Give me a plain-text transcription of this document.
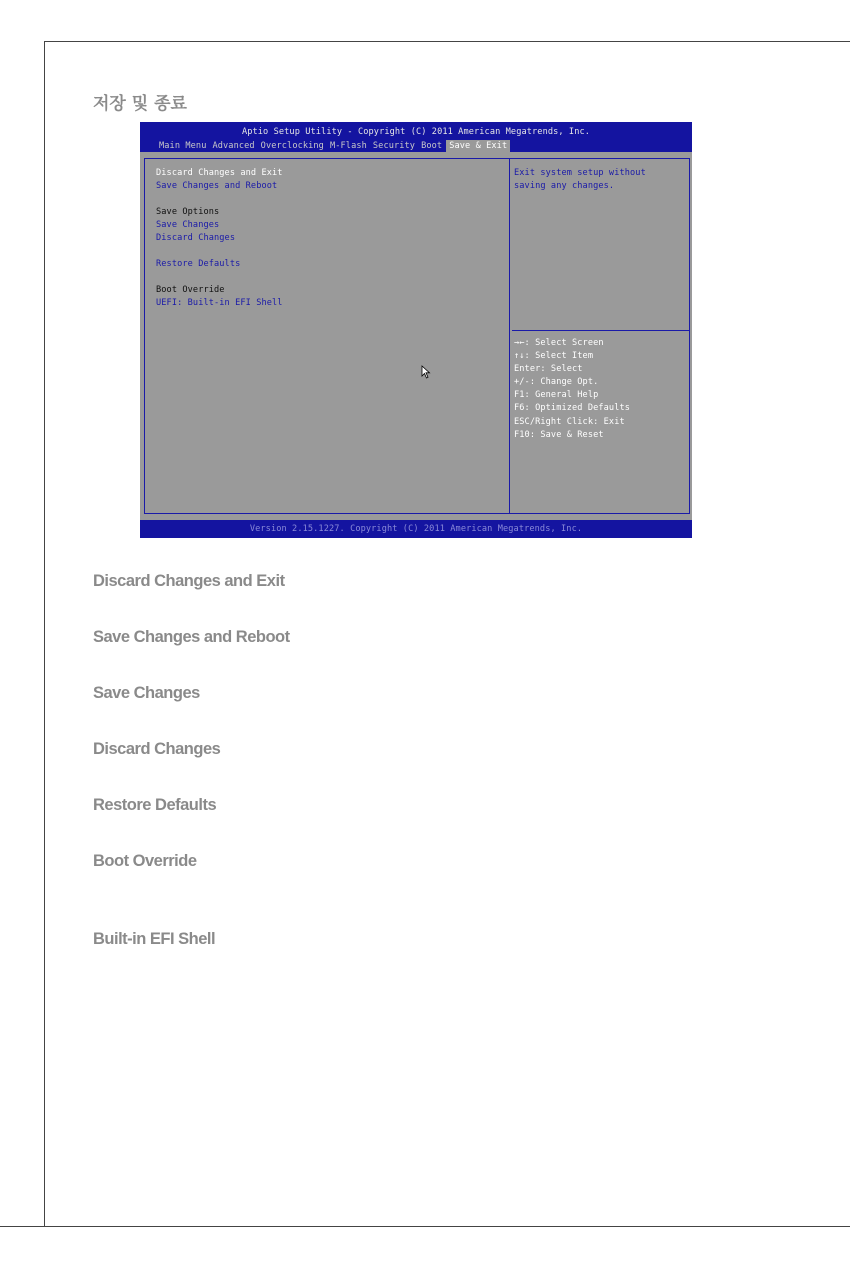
저장 및 종료
Aptio Setup Utility - Copyright (C) 2011 American Megatrends, Inc.
Main Menu Advanced Overclocking M-Flash Security Boot Save & Exit
Discard Changes and Exit
Save Changes and Reboot
Save Options
Save Changes
Discard Changes
Restore Defaults
Boot Override
UEFI: Built-in EFI Shell
Exit system setup without
saving any changes.
→←: Select Screen
↑↓: Select Item
Enter: Select
+/-: Change Opt.
F1: General Help
F6: Optimized Defaults
ESC/Right Click: Exit
F10: Save & Reset
Version 2.15.1227. Copyright (C) 2011 American Megatrends, Inc.
Discard Changes and Exit
Save Changes and Reboot
Save Changes
Discard Changes
Restore Defaults
Boot Override
Built-in EFI Shell
